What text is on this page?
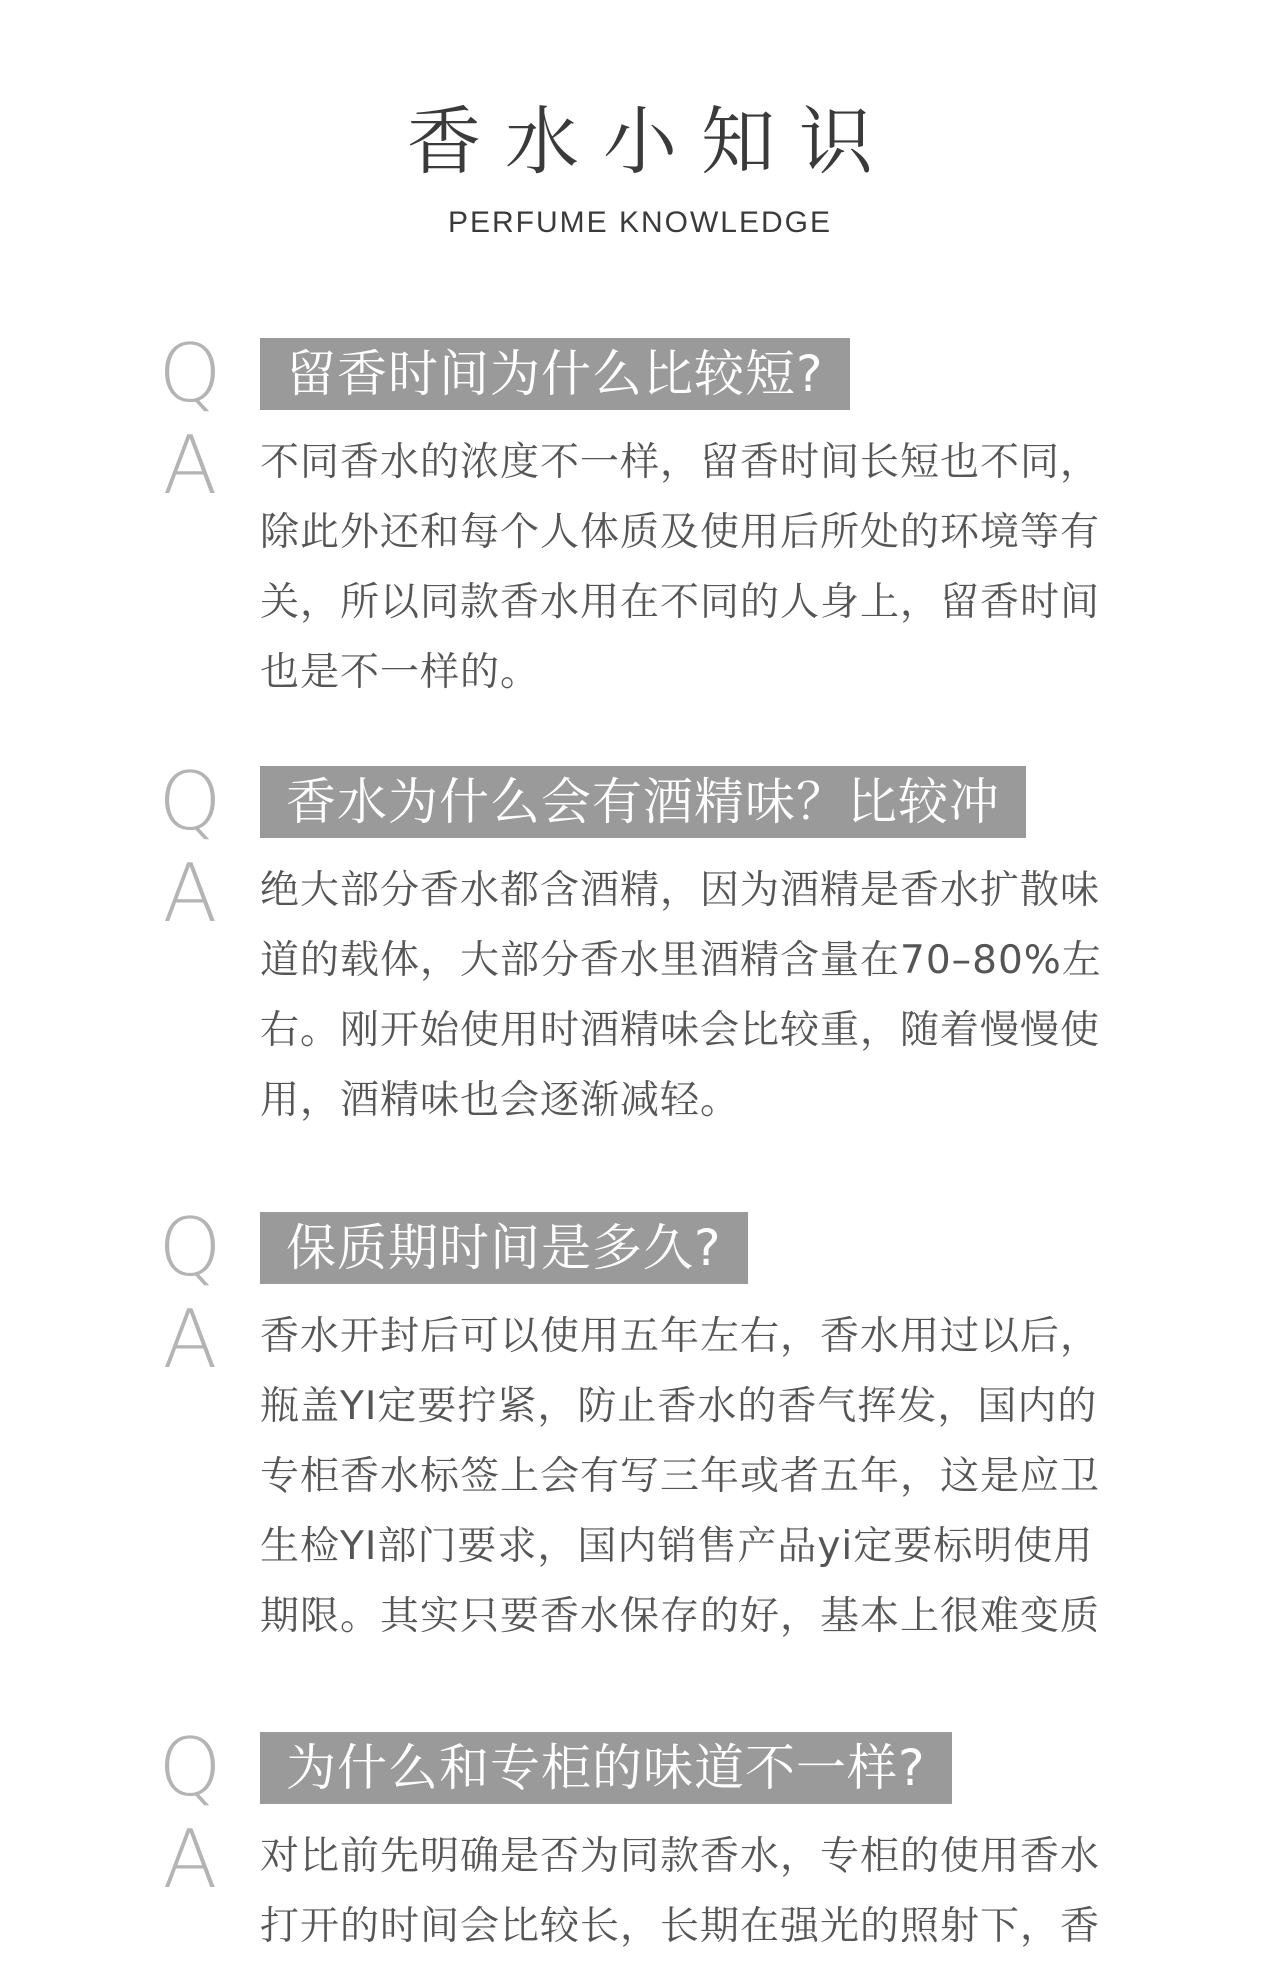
香水小知识
PERFUME KNOWLEDGE
Q	留香时间为什么比较短?
A	不同香水的浓度不一样，留香时间长短也不同，
除此外还和每个人体质及使用后所处的环境等有
关，所以同款香水用在不同的人身上，留香时间
也是不一样的。
Q	香水为什么会有酒精味？比较冲
A	绝大部分香水都含酒精，因为酒精是香水扩散味
道的载体，大部分香水里酒精含量在70–80%左
右。刚开始使用时酒精味会比较重，随着慢慢使
用，酒精味也会逐渐减轻。
Q	保质期时间是多久?
A	香水开封后可以使用五年左右，香水用过以后，
瓶盖YI定要拧紧，防止香水的香气挥发，国内的
专柜香水标签上会有写三年或者五年，这是应卫
生检YI部门要求，国内销售产品yi定要标明使用
期限。其实只要香水保存的好，基本上很难变质
Q	为什么和专柜的味道不一样?
A	对比前先明确是否为同款香水，专柜的使用香水
打开的时间会比较长，长期在强光的照射下，香
